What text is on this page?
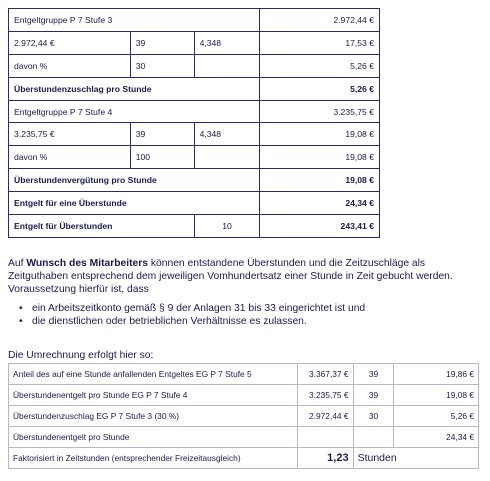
Entgeltgruppe P 7 Stufe 3			2.972,44 €
2.972,44 €	39	4,348	17,53 €
davon %	30		5,26 €
Überstundenzuschlag pro Stunde			5,26 €
Entgeltgruppe P 7 Stufe 4			3.235,75 €
3.235,75 €	39	4,348	19,08 €
davon %	100		19,08 €
Überstundenvergütung pro Stunde			19,08 €
Entgelt für eine Überstunde			24,34 €
Entgelt für Überstunden		10	243,41 €

Auf Wunsch des Mitarbeiters können entstandene Überstunden und die Zeitzuschläge als Zeitguthaben entsprechend dem jeweiligen Vomhundertsatz einer Stunde in Zeit gebucht werden. Voraussetzung hierfür ist, dass

• ein Arbeitszeitkonto gemäß § 9 der Anlagen 31 bis 33 eingerichtet ist und
• die dienstlichen oder betrieblichen Verhältnisse es zulassen.
Die Umrechnung erfolgt hier so:
Anteil des auf eine Stunde anfallenden Entgeltes EG P 7 Stufe 5	3.367,37 €	39	19,86 €
Überstundenentgelt pro Stunde EG P 7 Stufe 4	3.235,75 €	39	19,08 €
Überstundenzuschlag EG P 7 Stufe 3 (30 %)	2.972,44 €	30	5,26 €
Überstundenentgelt pro Stunde			24,34 €
Faktorisiert in Zeitstunden (entsprechender Freizeitausgleich)	1,23	Stunden	
